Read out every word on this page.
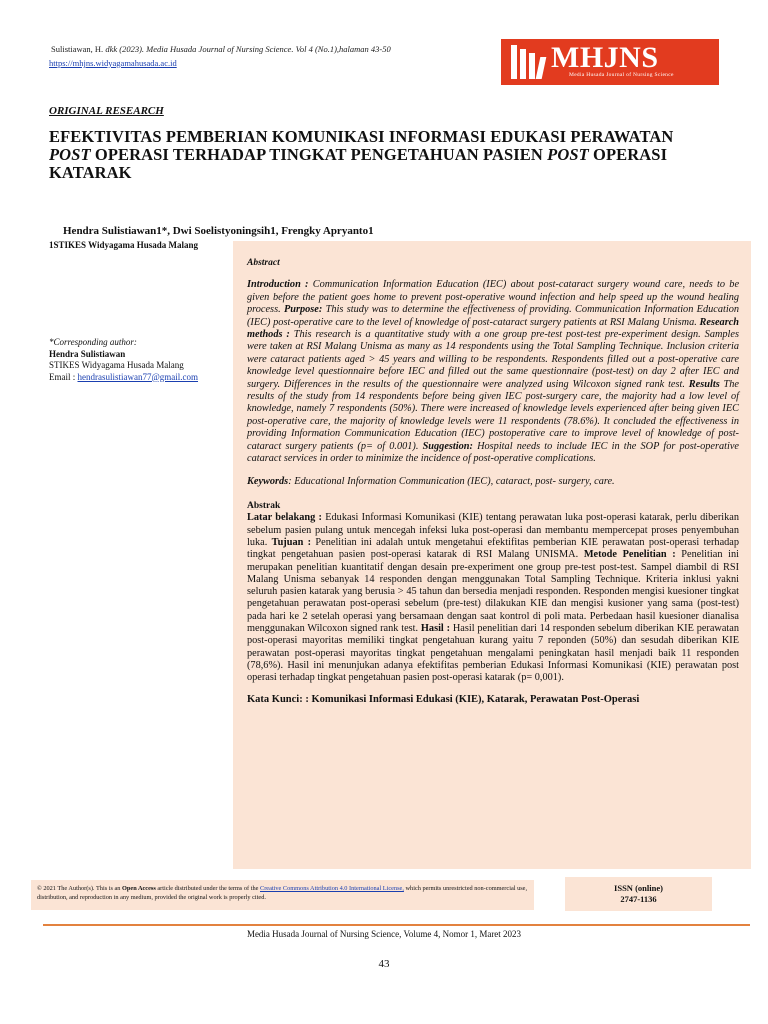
Sulistiawan, H. dkk (2023). Media Husada Journal of Nursing Science. Vol 4 (No.1),halaman 43-50
https://mhjns.widyagamahusada.ac.id	MHJNS
Media Husada Journal of Nursing Science
ORIGINAL RESEARCH
EFEKTIVITAS PEMBERIAN KOMUNIKASI INFORMASI EDUKASI PERAWATAN
POST OPERASI TERHADAP TINGKAT PENGETAHUAN PASIEN POST OPERASI
KATARAK
Hendra Sulistiawan1*, Dwi Soelistyoningsih1, Frengky Apryanto1
1STIKES Widyagama Husada Malang
*Corresponding author:
Hendra Sulistiawan
STIKES Widyagama Husada Malang
Email : hendrasulistiawan77@gmail.com
Abstract
Introduction : Communication Information Education (IEC) about post-cataract surgery wound care, needs to be given before the patient goes home to prevent post-operative wound infection and help speed up the wound healing process. Purpose: This study was to determine the effectiveness of providing. Communication Information Education (IEC) post-operative care to the level of knowledge of post-cataract surgery patients at RSI Malang Unisma. Research methods : This research is a quantitative study with a one group pre-test post-test pre-experiment design. Samples were taken at RSI Malang Unisma as many as 14 respondents using the Total Sampling Technique. Inclusion criteria were cataract patients aged > 45 years and willing to be respondents. Respondents filled out a post-operative care knowledge level questionnaire before IEC and filled out the same questionnaire (post-test) on day 2 after IEC and surgery. Differences in the results of the questionnaire were analyzed using Wilcoxon signed rank test. Results The results of the study from 14 respondents before being given IEC post-surgery care, the majority had a low level of knowledge, namely 7 respondents (50%). There were increased of knowledge levels experienced after being given IEC post-operative care, the majority of knowledge levels were 11 respondents (78.6%). It concluded the effectiveness in providing Information Communication Education (IEC) postoperative care to improve level of knowledge of post-cataract surgery patients (p= of 0.001). Suggestion: Hospital needs to include IEC in the SOP for post-operative cataract services in order to minimize the incidence of post-operative complications.
Keywords: Educational Information Communication (IEC), cataract, post- surgery, care.
Abstrak
Latar belakang : Edukasi Informasi Komunikasi (KIE) tentang perawatan luka post-operasi katarak, perlu diberikan sebelum pasien pulang untuk mencegah infeksi luka post-operasi dan membantu mempercepat proses penyembuhan luka. Tujuan : Penelitian ini adalah untuk mengetahui efektifitas pemberian KIE perawatan post-operasi terhadap tingkat pengetahuan pasien post-operasi katarak di RSI Malang UNISMA. Metode Penelitian : Penelitian ini merupakan penelitian kuantitatif dengan desain pre-experiment one group pre-test post-test. Sampel diambil di RSI Malang Unisma sebanyak 14 responden dengan menggunakan Total Sampling Technique. Kriteria inklusi yakni seluruh pasien katarak yang berusia > 45 tahun dan bersedia menjadi responden. Responden mengisi kuesioner tingkat pengetahuan perawatan post-operasi sebelum (pre-test) dilakukan KIE dan mengisi kusioner yang sama (post-test) pada hari ke 2 setelah operasi yang bersamaan dengan saat kontrol di poli mata. Perbedaan hasil kuesioner dianalisa menggunakan Wilcoxon signed rank test. Hasil : Hasil penelitian dari 14 responden sebelum diberikan KIE perawatan post-operasi mayoritas memiliki tingkat pengetahuan kurang yaitu 7 reponden (50%) dan sesudah diberikan KIE perawatan post-operasi mayoritas tingkat pengetahuan mengalami peningkatan hasil menjadi baik 11 responden (78,6%). Hasil ini menunjukan adanya efektifitas pemberian Edukasi Informasi Komunikasi (KIE) perawatan post operasi terhadap tingkat pengetahuan pasien post-operasi katarak (p= 0,001).
Kata Kunci: : Komunikasi Informasi Edukasi (KIE), Katarak, Perawatan Post-Operasi
© 2021 The Author(s). This is an Open Access article distributed under the terms of the Creative Commons Attribution 4.0 International License, which permits unrestricted non-commercial use, distribution, and reproduction in any medium, provided the original work is properly cited.
ISSN (online)
2747-1136
Media Husada Journal of Nursing Science, Volume 4, Nomor 1, Maret 2023
43
